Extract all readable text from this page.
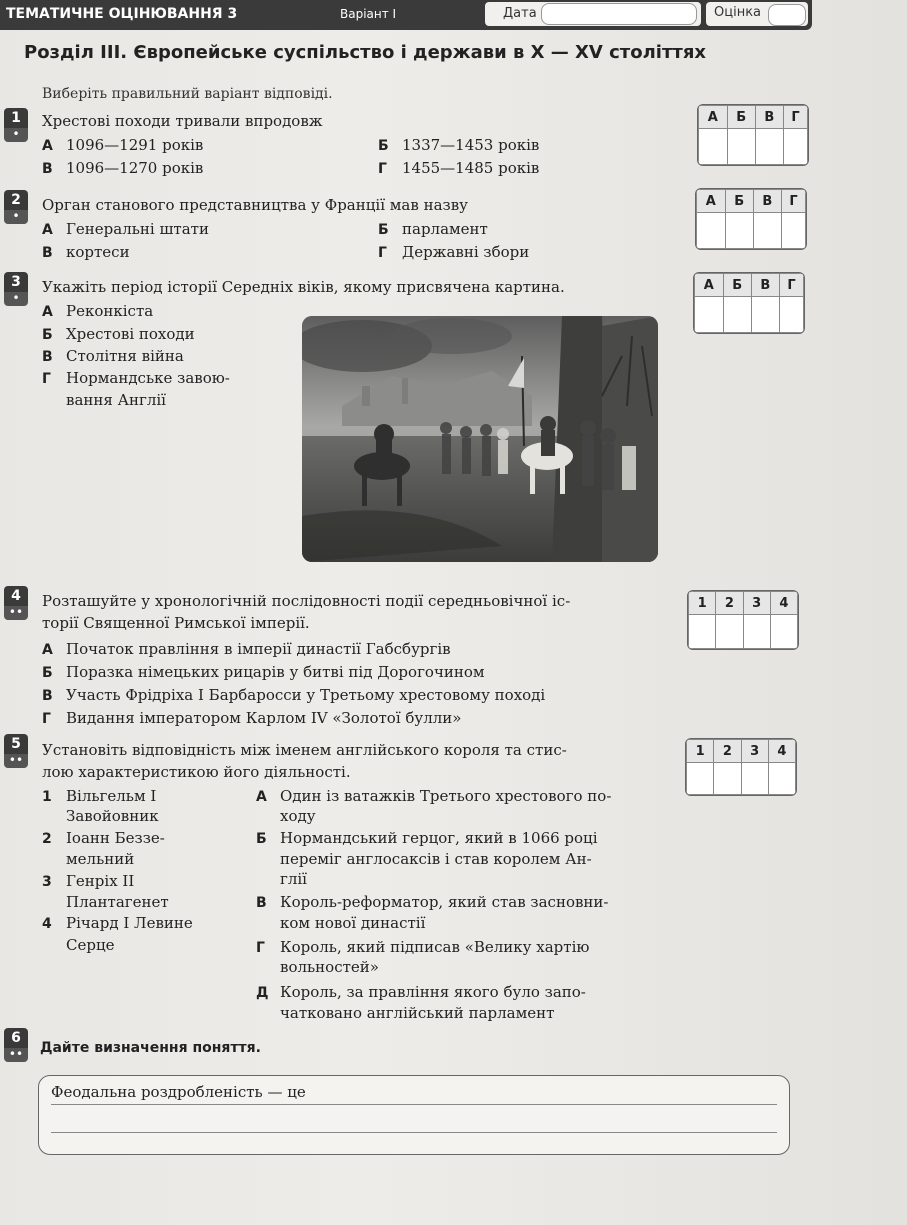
ТЕМАТИЧНЕ ОЦІНЮВАННЯ 3	Варіант І	Дата	Оцінка
Розділ ІІІ. Європейське суспільство і держави в X — XV століттях
Виберіть правильний варіант відповіді.
1
•
Хрестові походи тривали впродовж
А 1096—1291 років	Б 1337—1453 років
В 1096—1270 років	Г 1455—1485 років
А	Б	В	Г

2
•
Орган станового представництва у Франції мав назву
А Генеральні штати	Б парламент
В кортеси	Г Державні збори
А	Б	В	Г

3
•
Укажіть період історії Середніх віків, якому присвячена картина.
А Реконкіста
Б Хрестові походи
В Столітня війна
Г Нормандське завою-
вання Англії
А	Б	В	Г

4
••
Розташуйте у хронологічній послідовності події середньовічної іс-
торії Священної Римської імперії.
А Початок правління в імперії династії Габсбургів
Б Поразка німецьких рицарів у битві під Дорогочином
В Участь Фрідріха І Барбаросси у Третьому хрестовому поході
Г Видання імператором Карлом IV «Золотої булли»
1	2	3	4

5
••
Установіть відповідність між іменем англійського короля та стис-
лою характеристикою його діяльності.
1 Вільгельм І
Завойовник
2 Іоанн Беззе-
мельний
3 Генріх ІІ
Плантагенет
4 Річард І Левине
Серце
А Один із ватажків Третього хрестового по-
ходу
Б Нормандський герцог, який в 1066 році
переміг англосаксів і став королем Ан-
глії
В Король-реформатор, який став засновни-
ком нової династії
Г Король, який підписав «Велику хартію
вольностей»
Д Король, за правління якого було запо-
чатковано англійський парламент
1	2	3	4

6
••	Дайте визначення поняття.
Феодальна роздробленість — це
